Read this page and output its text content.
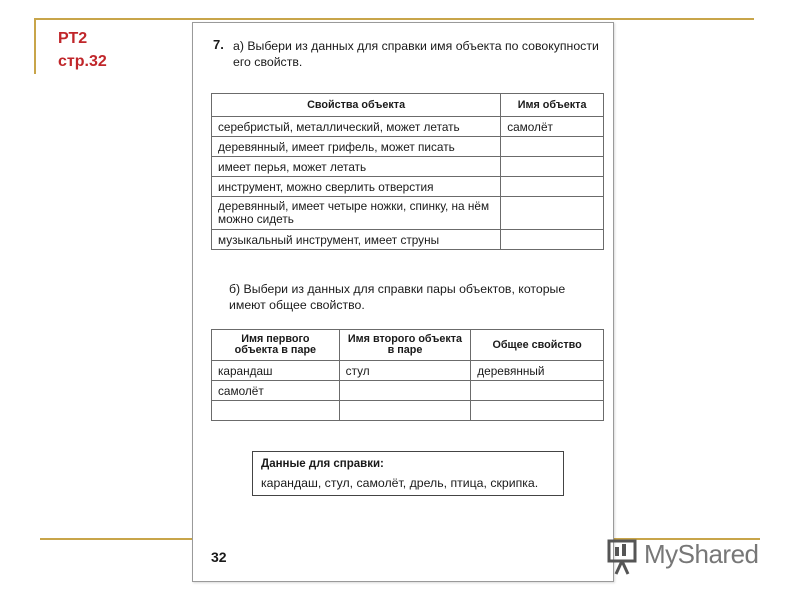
РТ2
стр.32
7. а) Выбери из данных для справки имя объекта по совокупности его свойств.
Свойства объекта	Имя объекта
серебристый, металлический, может летать	самолёт
деревянный, имеет грифель, может писать	
имеет перья, может летать	
инструмент, можно сверлить отверстия	
деревянный, имеет четыре ножки, спинку, на нём можно сидеть	
музыкальный инструмент, имеет струны	
б) Выбери из данных для справки пары объектов, которые имеют общее свойство.
Имя первого объекта в паре	Имя второго объекта в паре	Общее свойство
карандаш	стул	деревянный
самолёт		

Данные для справки:
карандаш, стул, самолёт, дрель, птица, скрипка.
32	MyShared
